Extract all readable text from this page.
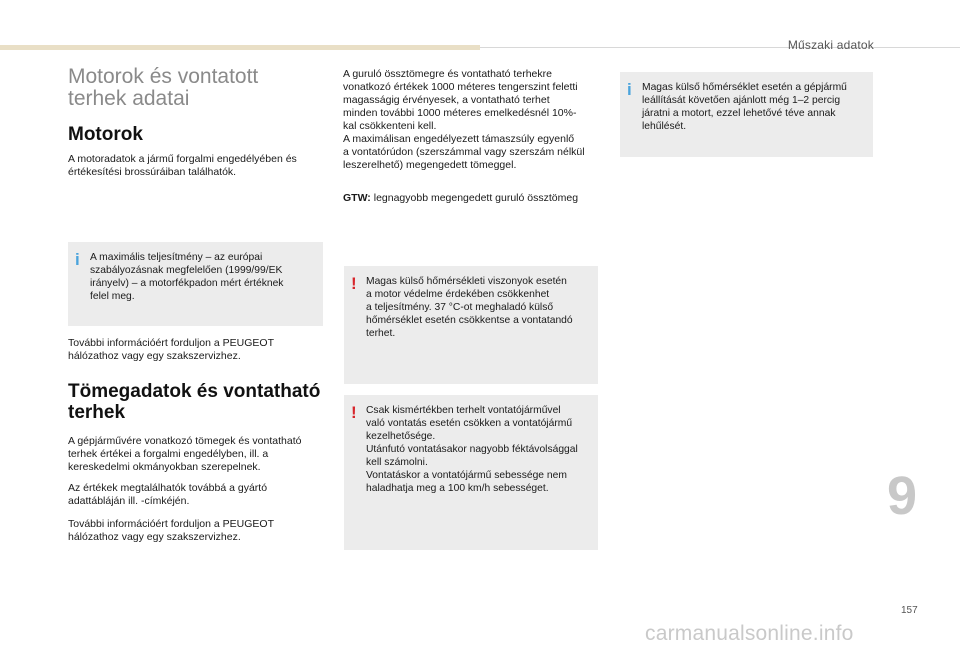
Műszaki adatok
Motorok és vontatott
terhek adatai
Motorok

A motoradatok a jármű forgalmi engedélyében és
értékesítési brossúráiban találhatók.

i A maximális teljesítmény – az európai
szabályozásnak megfelelően (1999/99/EK
irányelv) – a motorfékpadon mért értéknek
felel meg.

További információért forduljon a PEUGEOT
hálózathoz vagy egy szakszervizhez.

Tömegadatok és vontatható
terhek

A gépjárművére vonatkozó tömegek és vontatható
terhek értékei a forgalmi engedélyben, ill. a
kereskedelmi okmányokban szerepelnek.

Az értékek megtalálhatók továbbá a gyártó
adattábláján ill. -címkéjén.

További információért forduljon a PEUGEOT
hálózathoz vagy egy szakszervizhez.

A guruló össztömegre és vontatható terhekre
vonatkozó értékek 1000 méteres tengerszint feletti
magasságig érvényesek, a vontatható terhet
minden további 1000 méteres emelkedésnél 10%-
kal csökkenteni kell.
A maximálisan engedélyezett támaszsúly egyenlő
a vontatórúdon (szerszámmal vagy szerszám nélkül
leszerelhető) megengedett tömeggel.

GTW: legnagyobb megengedett guruló össztömeg

! Magas külső hőmérsékleti viszonyok esetén
a motor védelme érdekében csökkenhet
a teljesítmény. 37 °C-ot meghaladó külső
hőmérséklet esetén csökkentse a vontatandó
terhet.

! Csak kismértékben terhelt vontatójárművel
való vontatás esetén csökken a vontatójármű
kezelhetősége.
Utánfutó vontatásakor nagyobb féktávolsággal
kell számolni.
Vontatáskor a vontatójármű sebessége nem
haladhatja meg a 100 km/h sebességet.

i Magas külső hőmérséklet esetén a gépjármű
leállítását követően ajánlott még 1–2 percig
járatni a motort, ezzel lehetővé téve annak
lehűlését.

9
157
carmanualsonline.info
